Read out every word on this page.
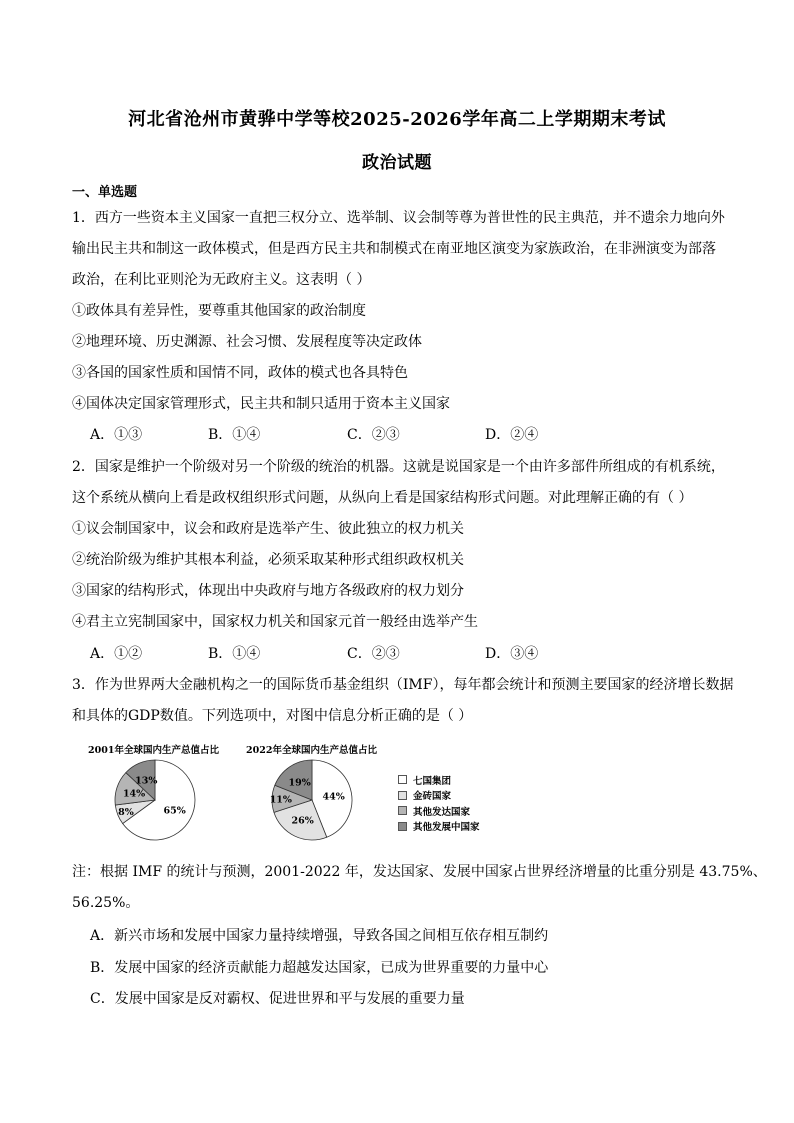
河北省沧州市黄骅中学等校2025-2026学年高二上学期期末考试
政治试题
一、单选题
1．西方一些资本主义国家一直把三权分立、选举制、议会制等尊为普世性的民主典范，并不遗余力地向外
输出民主共和制这一政体模式，但是西方民主共和制模式在南亚地区演变为家族政治，在非洲演变为部落
政治，在利比亚则沦为无政府主义。这表明（ ）
①政体具有差异性，要尊重其他国家的政治制度
②地理环境、历史渊源、社会习惯、发展程度等决定政体
③各国的国家性质和国情不同，政体的模式也各具特色
④国体决定国家管理形式，民主共和制只适用于资本主义国家
A．①③	B．①④	C．②③	D．②④
2．国家是维护一个阶级对另一个阶级的统治的机器。这就是说国家是一个由许多部件所组成的有机系统，
这个系统从横向上看是政权组织形式问题，从纵向上看是国家结构形式问题。对此理解正确的有（ ）
①议会制国家中，议会和政府是选举产生、彼此独立的权力机关
②统治阶级为维护其根本利益，必须采取某种形式组织政权机关
③国家的结构形式，体现出中央政府与地方各级政府的权力划分
④君主立宪制国家中，国家权力机关和国家元首一般经由选举产生
A．①②	B．①④	C．②③	D．③④
3．作为世界两大金融机构之一的国际货币基金组织（IMF），每年都会统计和预测主要国家的经济增长数据
和具体的GDP数值。下列选项中，对图中信息分析正确的是（ ）
2001年全球国内生产总值占比	2022年全球国内生产总值占比
65%
8%
14%
13%
44%
26%
11%
19%	七国集团
金砖国家
其他发达国家
其他发展中国家
注：根据 IMF 的统计与预测，2001-2022 年，发达国家、发展中国家占世界经济增量的比重分别是 43.75%、
56.25%。
A．新兴市场和发展中国家力量持续增强，导致各国之间相互依存相互制约
B．发展中国家的经济贡献能力超越发达国家，已成为世界重要的力量中心
C．发展中国家是反对霸权、促进世界和平与发展的重要力量
